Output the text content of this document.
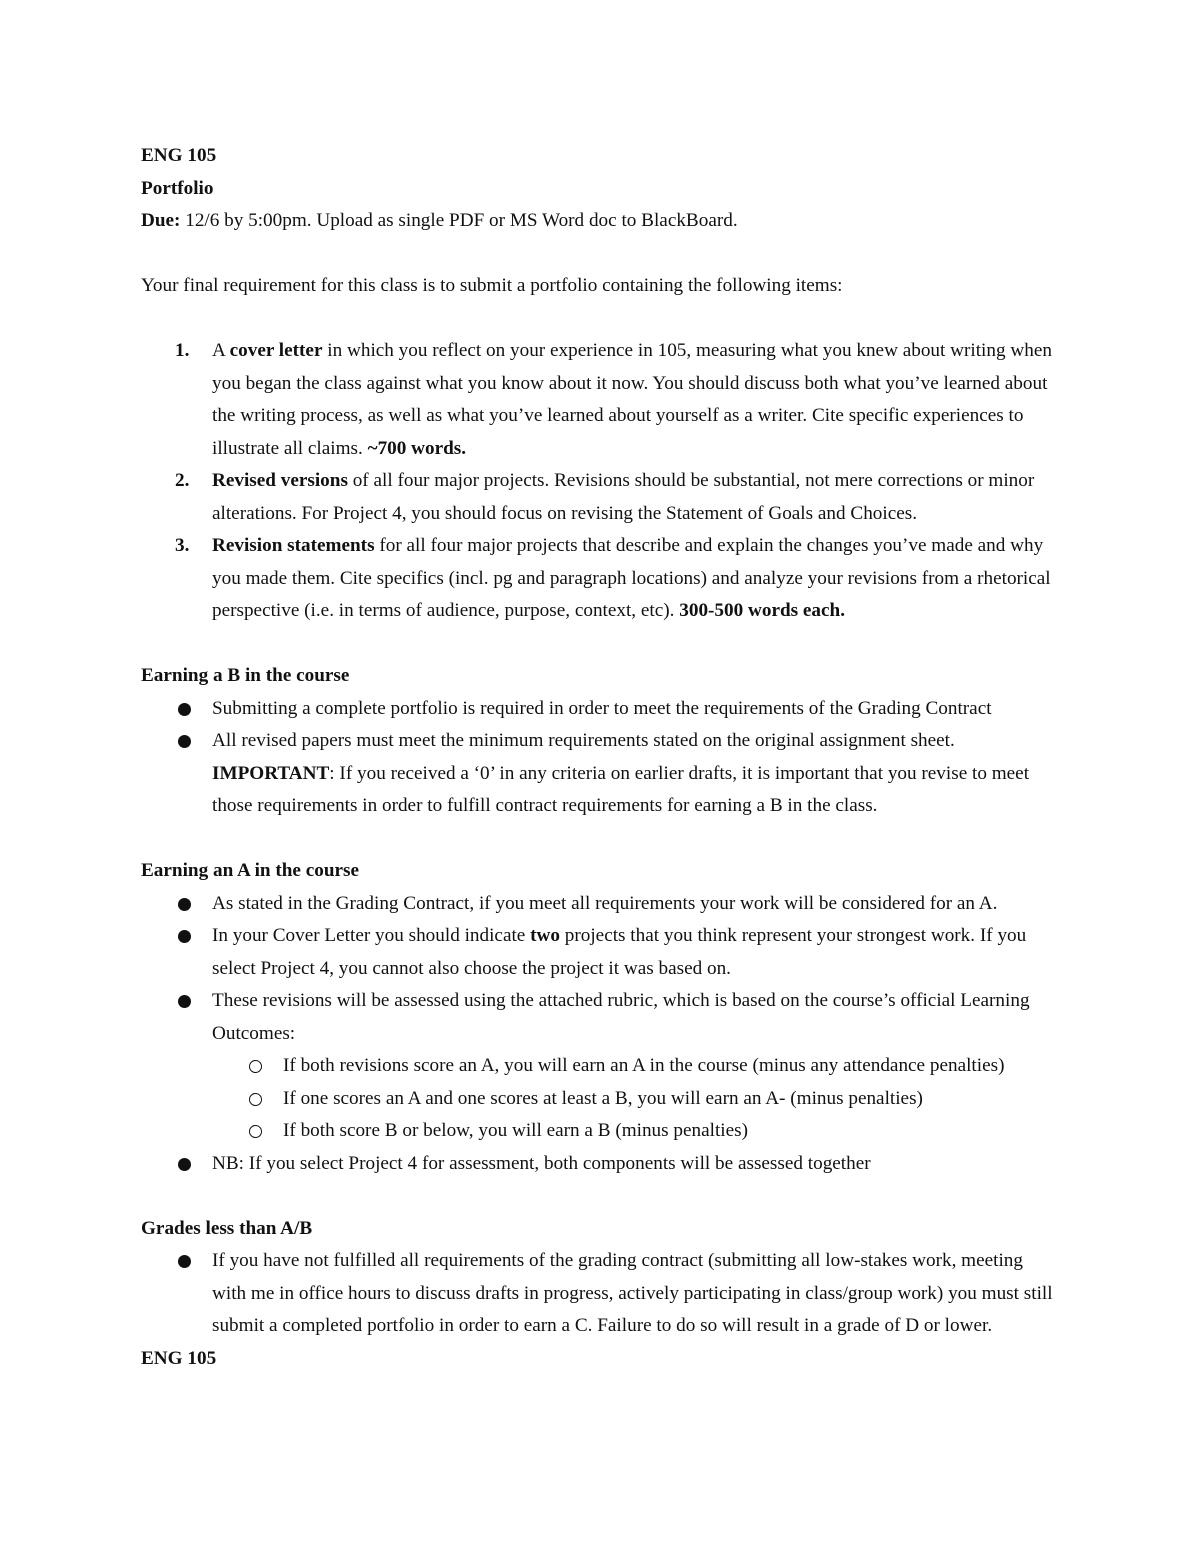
ENG 105

Portfolio

Due: 12/6 by 5:00pm. Upload as single PDF or MS Word doc to BlackBoard.

Your final requirement for this class is to submit a portfolio containing the following items:

1. A cover letter in which you reflect on your experience in 105, measuring what you knew about writing when you began the class against what you know about it now. You should discuss both what you’ve learned about the writing process, as well as what you’ve learned about yourself as a writer. Cite specific experiences to illustrate all claims. ~700 words.
2. Revised versions of all four major projects. Revisions should be substantial, not mere corrections or minor alterations. For Project 4, you should focus on revising the Statement of Goals and Choices.
3. Revision statements for all four major projects that describe and explain the changes you’ve made and why you made them. Cite specifics (incl. pg and paragraph locations) and analyze your revisions from a rhetorical perspective (i.e. in terms of audience, purpose, context, etc). 300-500 words each.
Earning a B in the course
Submitting a complete portfolio is required in order to meet the requirements of the Grading Contract
All revised papers must meet the minimum requirements stated on the original assignment sheet.
IMPORTANT: If you received a ‘0’ in any criteria on earlier drafts, it is important that you revise to meet those requirements in order to fulfill contract requirements for earning a B in the class.
Earning an A in the course
As stated in the Grading Contract, if you meet all requirements your work will be considered for an A.
In your Cover Letter you should indicate two projects that you think represent your strongest work. If you select Project 4, you cannot also choose the project it was based on.
These revisions will be assessed using the attached rubric, which is based on the course’s official Learning Outcomes:
If both revisions score an A, you will earn an A in the course (minus any attendance penalties)
If one scores an A and one scores at least a B, you will earn an A- (minus penalties)
If both score B or below, you will earn a B (minus penalties)
NB: If you select Project 4 for assessment, both components will be assessed together
Grades less than A/B
If you have not fulfilled all requirements of the grading contract (submitting all low-stakes work, meeting with me in office hours to discuss drafts in progress, actively participating in class/group work) you must still submit a completed portfolio in order to earn a C. Failure to do so will result in a grade of D or lower.

ENG 105
